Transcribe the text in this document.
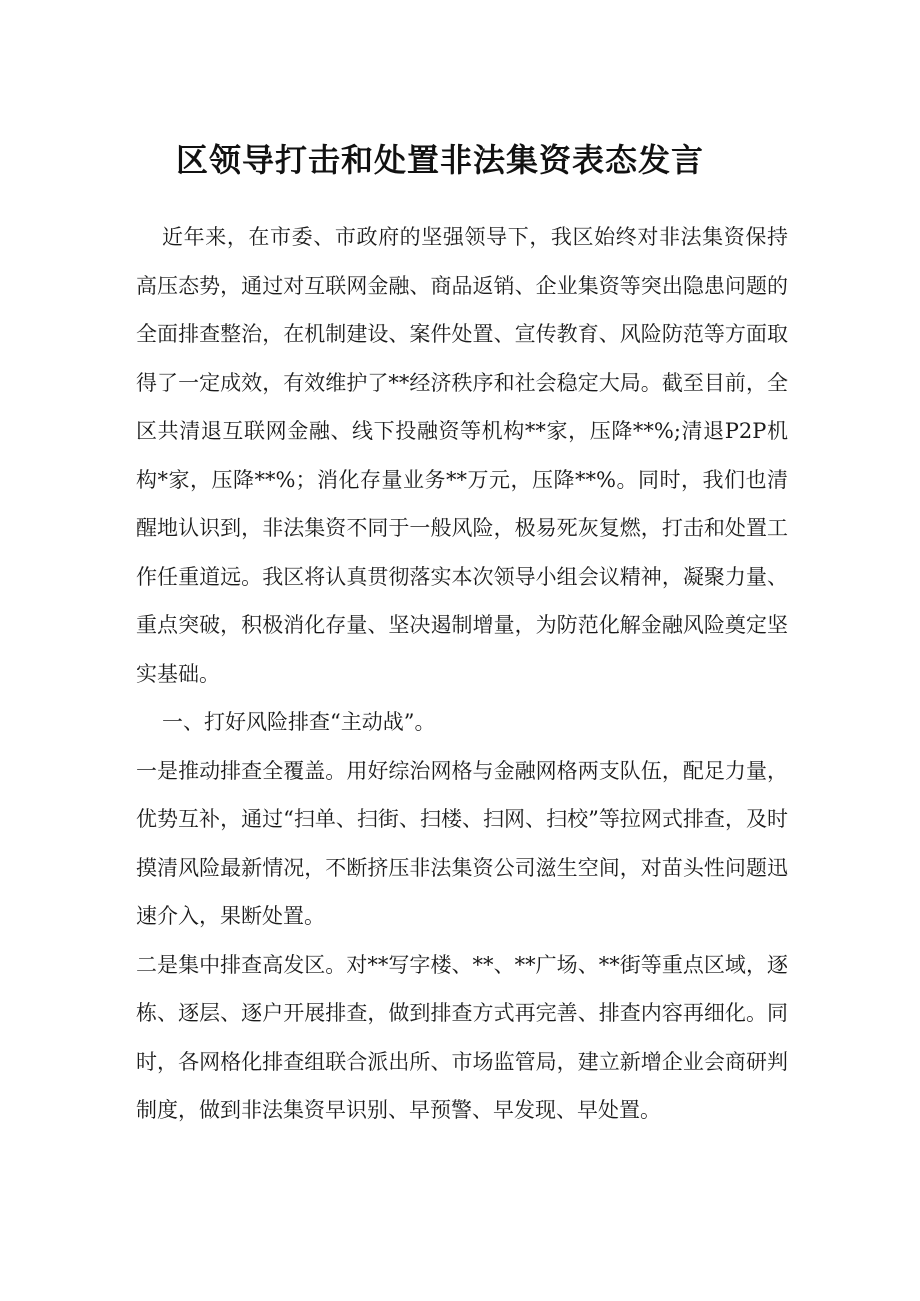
区领导打击和处置非法集资表态发言

近年来，在市委、市政府的坚强领导下，我区始终对非法集资保持高压态势，通过对互联网金融、商品返销、企业集资等突出隐患问题的全面排查整治，在机制建设、案件处置、宣传教育、风险防范等方面取得了一定成效，有效维护了**经济秩序和社会稳定大局。截至目前，全区共清退互联网金融、线下投融资等机构**家，压降**%;清退P2P机构*家，压降**%；消化存量业务**万元，压降**%。同时，我们也清醒地认识到，非法集资不同于一般风险，极易死灰复燃，打击和处置工作任重道远。我区将认真贯彻落实本次领导小组会议精神，凝聚力量、重点突破，积极消化存量、坚决遏制增量，为防范化解金融风险奠定坚实基础。

一、打好风险排查“主动战”。

一是推动排查全覆盖。用好综治网格与金融网格两支队伍，配足力量，优势互补，通过“扫单、扫街、扫楼、扫网、扫校”等拉网式排查，及时摸清风险最新情况，不断挤压非法集资公司滋生空间，对苗头性问题迅速介入，果断处置。

二是集中排查高发区。对**写字楼、**、**广场、**街等重点区域，逐栋、逐层、逐户开展排查，做到排查方式再完善、排查内容再细化。同时，各网格化排查组联合派出所、市场监管局，建立新增企业会商研判制度，做到非法集资早识别、早预警、早发现、早处置。
